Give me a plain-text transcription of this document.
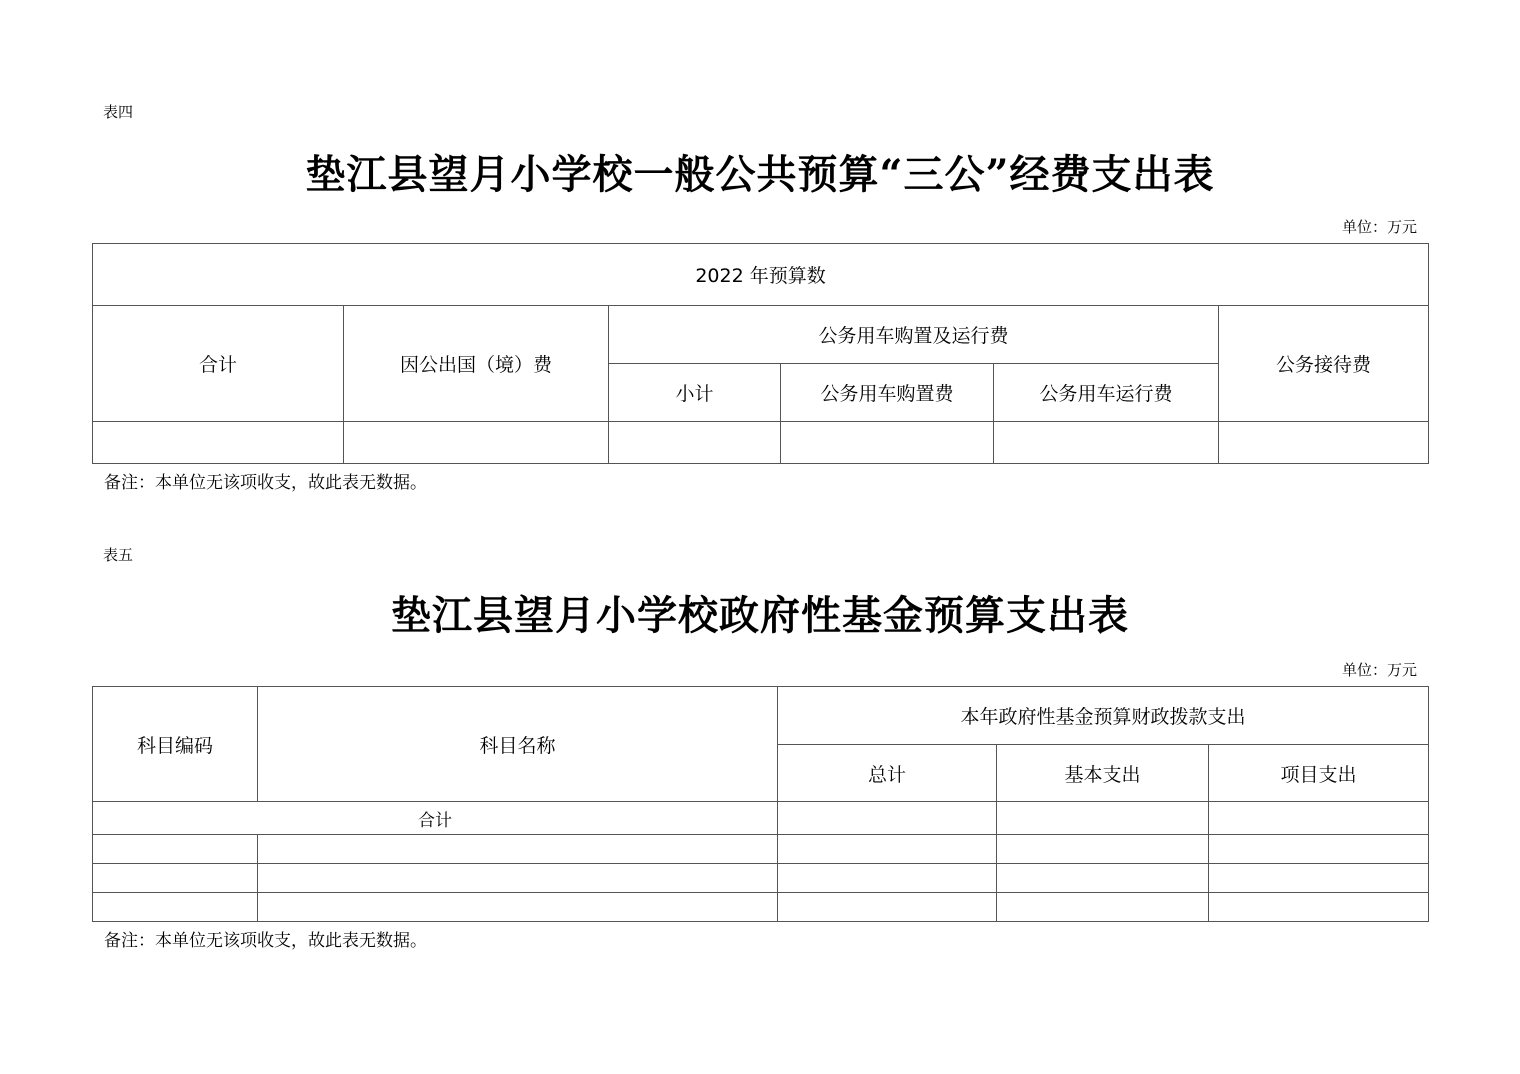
表四
垫江县望月小学校一般公共预算“三公”经费支出表
单位：万元
2022 年预算数					
合计	因公出国（境）费	公务用车购置及运行费			公务接待费
		小计	公务用车购置费	公务用车运行费	

备注：本单位无该项收支，故此表无数据。
表五
垫江县望月小学校政府性基金预算支出表
单位：万元
科目编码	科目名称	本年政府性基金预算财政拨款支出		
		总计	基本支出	项目支出
合计				

备注：本单位无该项收支，故此表无数据。
